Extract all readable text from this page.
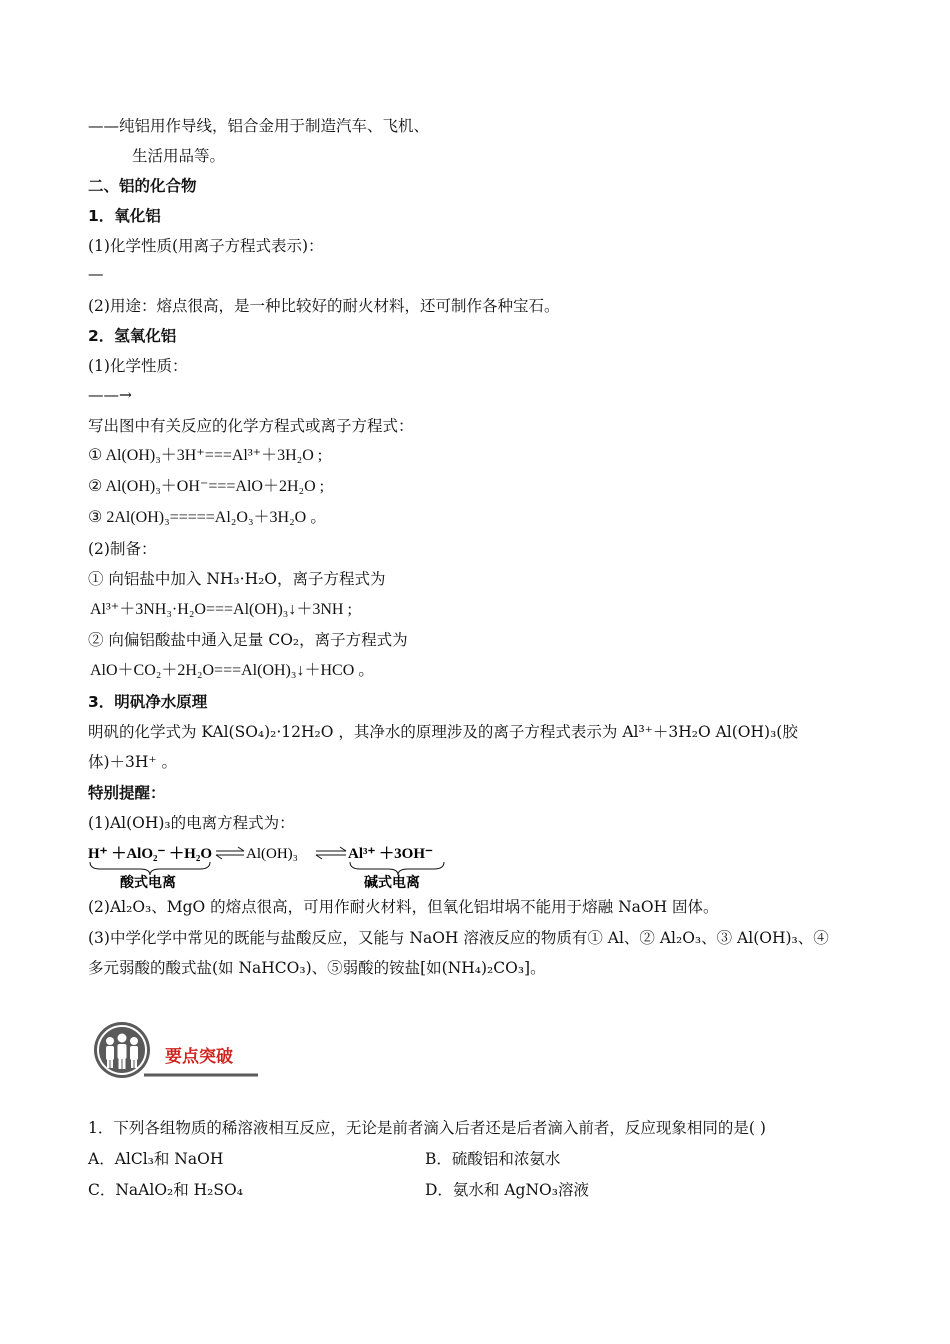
——纯铝用作导线，铝合金用于制造汽车、飞机、
生活用品等。
二、铝的化合物
1．氧化铝
(1)化学性质(用离子方程式表示)：
—
(2)用途：熔点很高，是一种比较好的耐火材料，还可制作各种宝石。
2．氢氧化铝
(1)化学性质：
——→
写出图中有关反应的化学方程式或离子方程式：
① Al(OH)₃＋3H⁺===Al³⁺＋3H₂O ;
② Al(OH)₃＋OH⁻===AlO＋2H₂O ;
③ 2Al(OH)₃=====Al₂O₃＋3H₂O 。
(2)制备：
① 向铝盐中加入 NH₃·H₂O，离子方程式为
Al³⁺＋3NH₃·H₂O===Al(OH)₃↓＋3NH ;
② 向偏铝酸盐中通入足量 CO₂，离子方程式为
AlO＋CO₂＋2H₂O===Al(OH)₃↓＋HCO 。
3．明矾净水原理
明矾的化学式为 KAl(SO₄)₂·12H₂O ，其净水的原理涉及的离子方程式表示为 Al³⁺＋3H₂O Al(OH)₃(胶
体)＋3H⁺ 。
特别提醒：
(1)Al(OH)₃的电离方程式为：
H⁺ ＋AlO₂⁻ ＋H₂O Al(OH)₃	Al³⁺ ＋3OH⁻
酸式电离	碱式电离
(2)Al₂O₃、MgO 的熔点很高，可用作耐火材料，但氧化铝坩埚不能用于熔融 NaOH 固体。
(3)中学化学中常见的既能与盐酸反应，又能与 NaOH 溶液反应的物质有① Al、② Al₂O₃、③ Al(OH)₃、④
多元弱酸的酸式盐(如 NaHCO₃)、⑤弱酸的铵盐[如(NH₄)₂CO₃]。
要点突破
1．下列各组物质的稀溶液相互反应，无论是前者滴入后者还是后者滴入前者，反应现象相同的是( )
A．AlCl₃和 NaOH	B．硫酸铝和浓氨水
C．NaAlO₂和 H₂SO₄	D．氨水和 AgNO₃溶液
